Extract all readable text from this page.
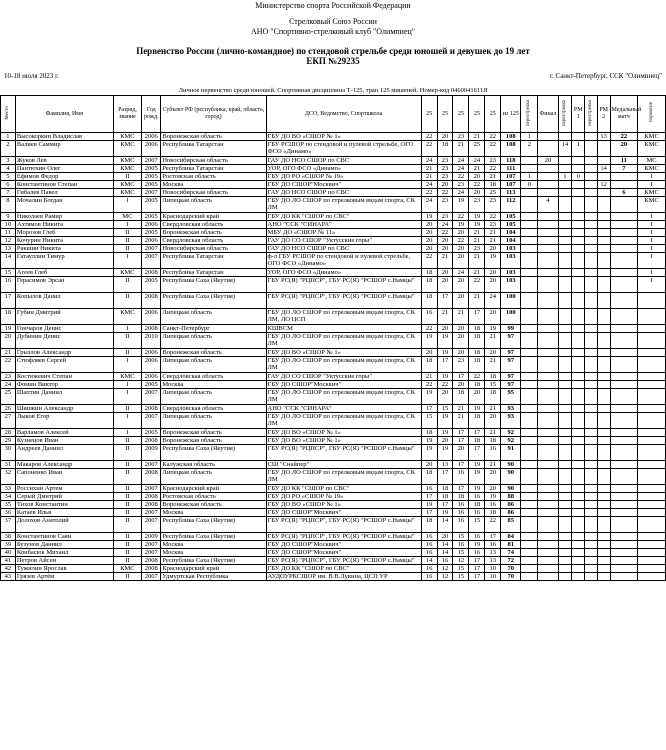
Министерство спорта Российской Федерации
Стрелковый Союз России
АНО "Спортивно-стрелковый клуб "Олимпиец"
Первенство России (лично-командное) по стендовой стрельбе среди юношей и девушек до 19 лет
ЕКП №29235
10-18 июля 2023 г.	г. Санкт-Петербург, ССК "Олимпиец"
Личное первенство среди юношей. Спортивная дисциплина Т-125, трап 125 мишеней. Номер-код 0460041611Я
Место	Фамилия, Имя	Разряд, звание	Год рожд.	Субъект РФ (республика, край, область, город)	ДСО, Ведомство, Спортшкола	25	25	25	25	25	из 125	перестрелка	Финал	перестрелка	РМ 1	перестрелка	РМ 2	Медальный матч	норматив
1	Высокоркин Владислав	КМС	2006	Воронежская область	ГБУ ДО ВО «СШОР № 1»	22	20	23	21	22	108	1					13	22	КМС
2	Валиев Саммир	КМС	2006	Республика Татарстан	ГБУ РСШОР по стендовой и пулевой стрельбе, ОГО ФСО «Динамо»	22	18	21	25	22	108	2		14	1			20	КМС
3	Жуков Лев	КМС	2007	Новосибирская область	ГАУ ДО НСО СШОР по СВС	24	23	24	24	23	118		20					11	МС
4	Пантюхин Олег	КМС	2005	Республика Татарстан	УОР, ОГО ФСО «Динамо»	21	23	24	21	22	111						14	7	КМС
5	Ефимов Федор	II	2005	Ростовская область	ГБУ ДО РО «СШОР № 19»	21	23	22	20	21	107	1		1	0				I
6	Константинов Степан	КМС	2005	Москва	ГБУ ДО СШОР"Москвич"	24	20	23	22	18	107	0					12		I
7	Гибалев Павел	КМС	2007	Новосибирская область	ГАУ ДО НСО СШОР по СВС	22	22	24	20	25	113							6	КМС
8	Мочалин Богдан	I	2005	Липецкая область	ГБУ ДО ЛО СШОР по стрелковым видам спорта, СК ЛМ	24	23	19	23	23	112		4						КМС
9	Николаев Рамир	МС	2005	Краснодарский край	ГБУ ДО КК "СШОР по СВС"	19	23	22	19	22	105								I
10	Ахтямов Никита	I	2006	Свердловская область	АНО "ССК "СИНАРА"	20	24	19	19	23	105								I
11	Морозов Глеб	II	2005	Воронежская область	МБУ ДО «СШОР № 11»	20	22	20	21	21	104								I
12	Кочурин Никита	II	2006	Свердловская область	ГАУ ДО СО СШОР "Уктусские горы"	20	20	22	21	21	104								I
13	Ракшин Никита	II	2007	Новосибирская область	ГАУ ДО НСО СШОР по СВС	20	20	20	23	20	103								I
14	Гатауллин Тимур	I	2007	Республика Татарстан	ф-л ГБУ РСШОР по стендовой и пулевой стрельбе, ОГО ФСО «Динамо»	22	21	20	21	19	103								I
15	Агеев Глеб	КМС	2008	Республика Татарстан	УОР, ОГО ФСО «Динамо»	18	20	24	21	20	103								I
16	Герасимов Эрсан	II	2005	Республика Саха (Якутия)	ГБУ РС(Я) "РЦПСР", ГБУ РС(Я) "РСШОР с.Намцы"	18	20	20	22	20	103								I
17	Копылов Данил	II	2008	Республика Саха (Якутия)	ГБУ РС(Я) "РЦПСР", ГБУ РС(Я) "РСШОР с.Намцы"	18	17	20	21	24	100								
18	Губин Дмитрий	КМС	2006	Липецкая область	ГБУ ДО ЛО СШОР по стрелковым видам спорта, СК ЛМ, ЛО ЦСП	16	21	21	17	20	100								
19	Гончаров Денис	I	2008	Санкт-Петербург	КШВСМ	22	20	20	18	19	99								
20	Дубинин Денис	II	2010	Липецкая область	ГБУ ДО ЛО СШОР по стрелковым видам спорта, СК ЛМ	19	19	20	18	21	97								
21	Грызлов Александр	II	2006	Воронежская область	ГБУ ДО ВО «СШОР № 1»	20	19	20	18	20	97								
22	Стюфляев Сергей	I	2006	Липецкая область	ГБУ ДО ЛО СШОР по стрелковым видам спорта, СК ЛМ	18	17	23	18	21	97								
23	Костюкевич Степан	КМС	2006	Свердловская область	ГАУ ДО СО СШОР "Уктусские горы"	21	19	17	22	18	97								
24	Фомин Виктор	I	2005	Москва	ГБУ ДО СШОР"Москвич"	22	22	20	18	15	97								
25	Шаптин Даниил	I	2007	Липецкая область	ГБУ ДО ЛО СШОР по стрелковым видам спорта, СК ЛМ	19	20	18	20	18	95								
26	Шишкин Александр	II	2008	Свердловская область	АНО "ССК "СИНАРА"	17	15	21	19	21	93								
27	Лыков Егор	I	2007	Липецкая область	ГБУ ДО ЛО СШОР по стрелковым видам спорта, СК ЛМ	15	19	21	18	20	93								
28	Варламов Алексей	I	2005	Воронежская область	ГБУ ДО ВО «СШОР № 1»	18	19	17	17	21	92								
29	Кузнецов Иван	II	2008	Воронежская область	ГБУ ДО ВО «СШОР № 1»	19	20	17	18	18	92								
30	Андреев Даниил	II	2009	Республика Саха (Якутия)	ГБУ РС(Я) "РЦПСР", ГБУ РС(Я) "РСШОР с.Намцы"	19	19	20	17	16	91								
31	Макаров Александр	II	2007	Калужская область	СШ "Снайпер"	20	13	17	19	21	90								
32	Сапоненко Иван	II	2008	Липецкая область	ГБУ ДО ЛО СШОР по стрелковым видам спорта, СК ЛМ	18	17	16	19	20	90								
33	Россихин Артем	II	2007	Краснодарский край	ГБУ ДО КК "СШОР по СВС"	16	18	17	19	20	90								
34	Серый Дмитрий	II	2008	Ростовская область	ГБУ ДО РО «СШОР № 19»	17	18	18	16	19	88								
35	Тихов Константин	II	2008	Воронежская область	ГБУ ДО ВО «СШОР № 1»	19	17	16	18	16	86								
36	Катаев Илья	II	2007	Москва	ГБУ ДО СШОР"Москвич"	17	19	16	16	18	86								
37	Долохов Анатолий	II	2007	Республика Саха (Якутия)	ГБУ РС(Я) "РЦПСР", ГБУ РС(Я) "РСШОР с.Намцы"	18	14	16	15	22	85								
38	Константинов Саян	II	2009	Республика Саха (Якутия)	ГБУ РС(Я) "РЦПСР", ГБУ РС(Я) "РСШОР с.Намцы"	16	20	15	16	17	84								
39	Бузунов Даниил	II	2007	Москва	ГБУ ДО СШОР"Москвич"	16	14	16	19	16	81								
40	Конбасюк Михаил	II	2007	Москва	ГБУ ДО СШОР"Москвич"	16	14	15	16	13	74								
41	Петров Айсен	II	2008	Республика Саха (Якутия)	ГБУ РС(Я) "РЦПСР", ГБУ РС(Я) "РСШОР с.Намцы"	14	16	12	17	13	72								
42	Тужилин Ярослав	КМС	2008	Краснодарский край	ГБУ ДО КК "СШОР по СВС"	16	12	15	17	10	70								
43	Грязев Артём	II	2007	Удмуртская Республика	АУДОУРКСШОР им. В.В.Лукина, ЦСП УР	16	12	15	17	10	70								
